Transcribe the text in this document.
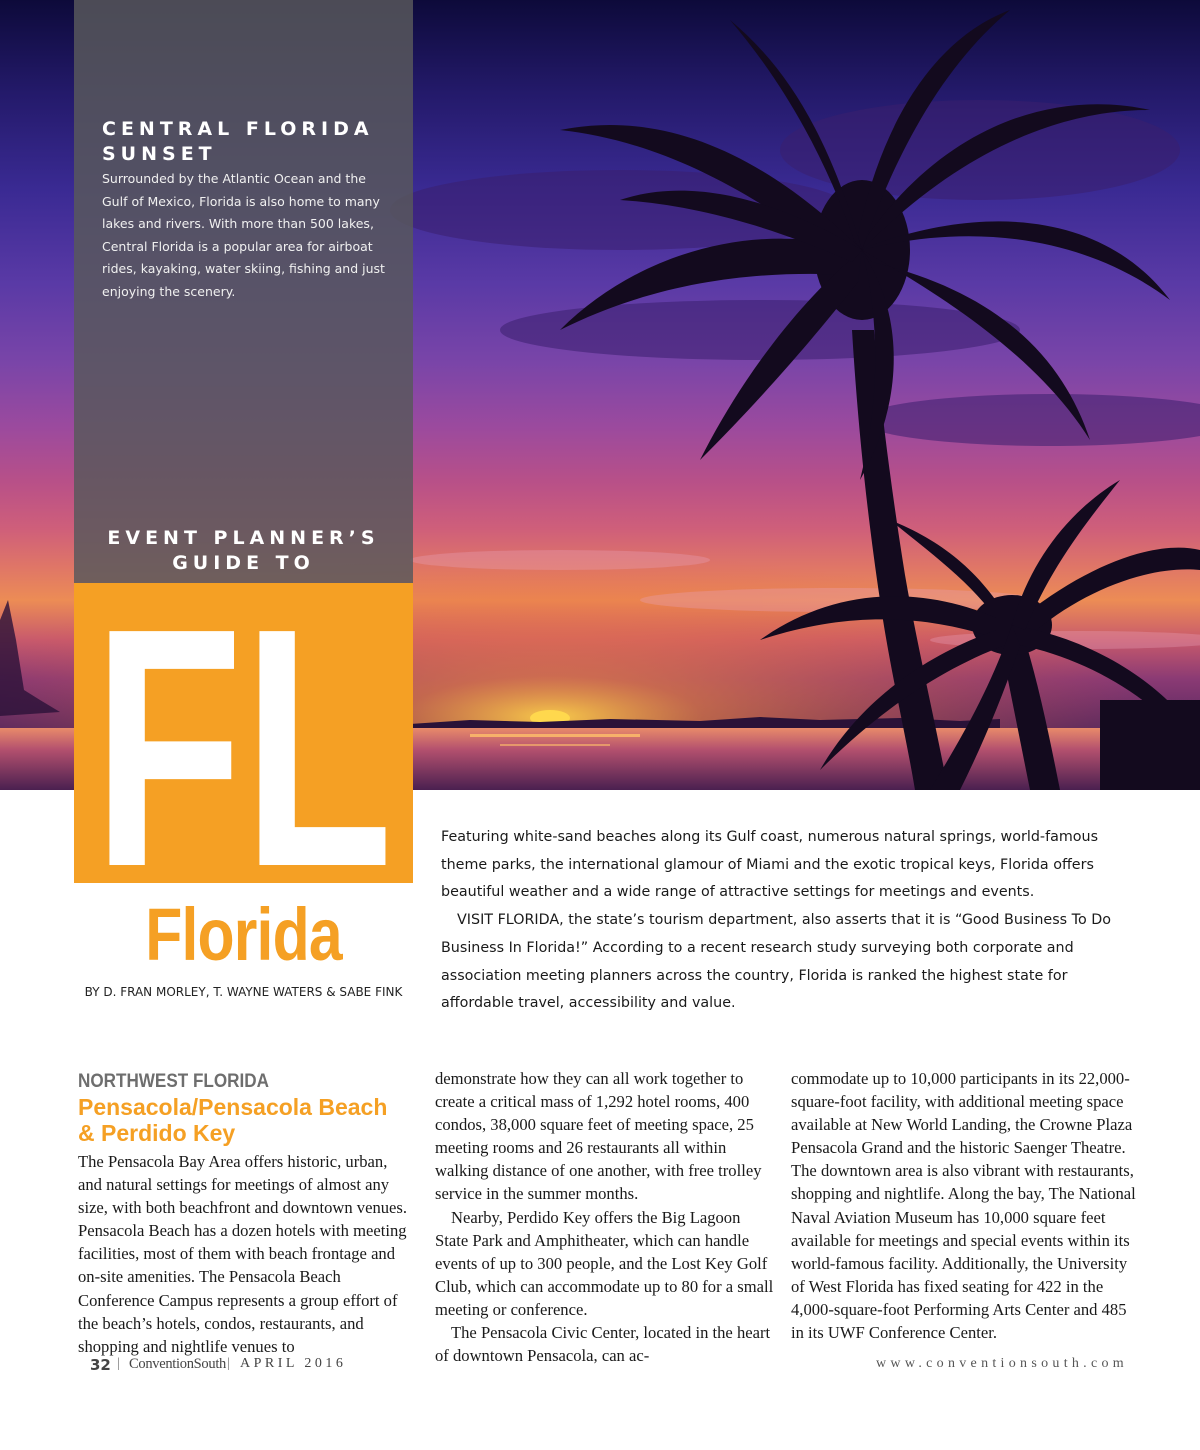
CENTRAL FLORIDA SUNSET

Surrounded by the Atlantic Ocean and the Gulf of Mexico, Florida is also home to many lakes and rivers. With more than 500 lakes, Central Florida is a popular area for airboat rides, kayaking, water skiing, fishing and just enjoying the scenery.

EVENT PLANNER’S GUIDE TO
FL
Florida

BY D. FRAN MORLEY, T. WAYNE WATERS & SABE FINK

Featuring white-sand beaches along its Gulf coast, numerous natural springs, world-famous theme parks, the international glamour of Miami and the exotic tropical keys, Florida offers beautiful weather and a wide range of attractive settings for meetings and events.

VISIT FLORIDA, the state’s tourism department, also asserts that it is “Good Business To Do Business In Florida!” According to a recent research study surveying both corporate and association meeting planners across the country, Florida is ranked the highest state for affordable travel, accessibility and value.

NORTHWEST FLORIDA
Pensacola/Pensacola Beach & Perdido Key

The Pensacola Bay Area offers historic, urban, and natural settings for meetings of almost any size, with both beachfront and downtown venues. Pensacola Beach has a dozen hotels with meeting facilities, most of them with beach frontage and on-site amenities. The Pensacola Beach Conference Campus represents a group effort of the beach’s hotels, condos, restaurants, and shopping and nightlife venues to

demonstrate how they can all work together to create a critical mass of 1,292 hotel rooms, 400 condos, 38,000 square feet of meeting space, 25 meeting rooms and 26 restaurants all within walking distance of one another, with free trolley service in the summer months.

Nearby, Perdido Key offers the Big Lagoon State Park and Amphitheater, which can handle events of up to 300 people, and the Lost Key Golf Club, which can accommodate up to 80 for a small meeting or conference.

The Pensacola Civic Center, located in the heart of downtown Pensacola, can ac-

commodate up to 10,000 participants in its 22,000-square-foot facility, with additional meeting space available at New World Landing, the Crowne Plaza Pensacola Grand and the historic Saenger Theatre. The downtown area is also vibrant with restaurants, shopping and nightlife. Along the bay, The National Naval Aviation Museum has 10,000 square feet available for meetings and special events within its world-famous facility. Additionally, the University of West Florida has fixed seating for 422 in the 4,000-square-foot Performing Arts Center and 485 in its UWF Conference Center.

32 | ConventionSouth | APRIL 2016	www.conventionsouth.com
